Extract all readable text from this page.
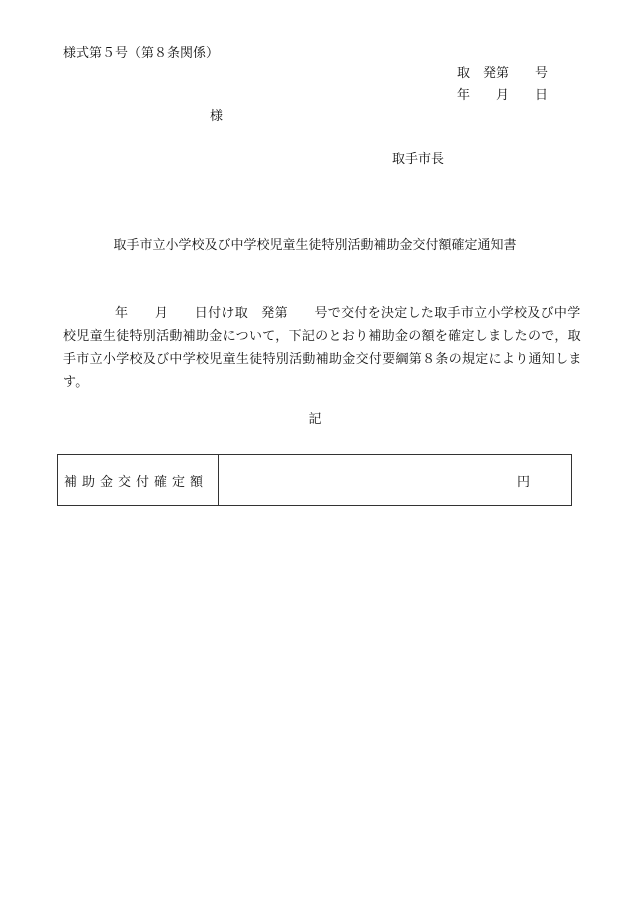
様式第５号（第８条関係）
取　発第　　号
年　　月　　日
様
取手市長
取手市立小学校及び中学校児童生徒特別活動補助金交付額確定通知書
年　　月　　日付け取　発第　　号で交付を決定した取手市立小学校及び中学校児童生徒特別活動補助金について，下記のとおり補助金の額を確定しましたので，取手市立小学校及び中学校児童生徒特別活動補助金交付要綱第８条の規定により通知します。
記
補助金交付確定額	円
